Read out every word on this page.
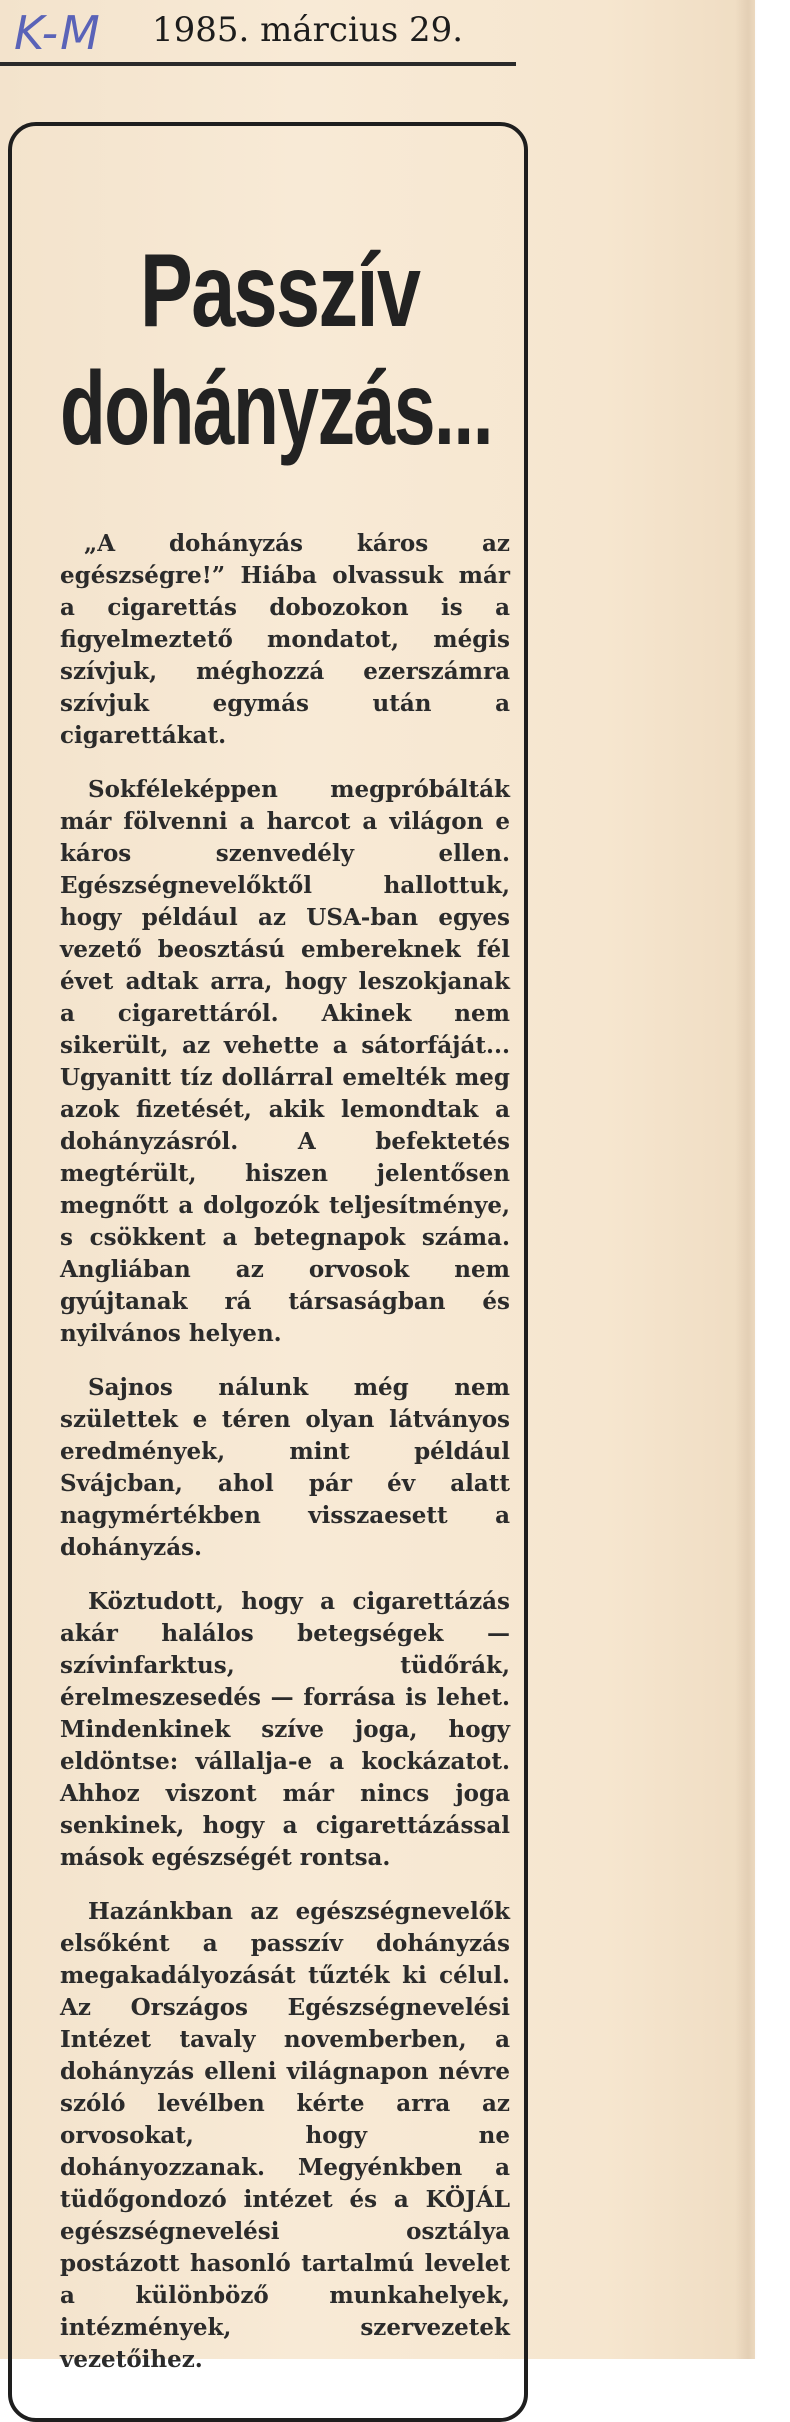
K-M 1985. március 29.
Passzív
dohányzás...

„A dohányzás káros az egészségre!” Hiába olvassuk már a cigarettás dobozokon is a figyelmeztető mondatot, mégis szívjuk, méghozzá ezerszámra szívjuk egymás után a cigarettákat.

Sokféleképpen megpróbálták már fölvenni a harcot a világon e káros szenvedély ellen. Egészségnevelőktől hallottuk, hogy például az USA-ban egyes vezető beosztású embereknek fél évet adtak arra, hogy leszokjanak a cigarettáról. Akinek nem sikerült, az vehette a sátorfáját... Ugyanitt tíz dollárral emelték meg azok fizetését, akik lemondtak a dohányzásról. A befektetés megtérült, hiszen jelentősen megnőtt a dolgozók teljesítménye, s csökkent a betegnapok száma. Angliában az orvosok nem gyújtanak rá társaságban és nyilvános helyen.

Sajnos nálunk még nem születtek e téren olyan látványos eredmények, mint például Svájcban, ahol pár év alatt nagymértékben visszaesett a dohányzás.

Köztudott, hogy a cigarettázás akár halálos betegségek — szívinfarktus, tüdőrák, érelmeszesedés — forrása is lehet. Mindenkinek szíve joga, hogy eldöntse: vállalja-e a kockázatot. Ahhoz viszont már nincs joga senkinek, hogy a cigarettázással mások egészségét rontsa.

Hazánkban az egészségnevelők elsőként a passzív dohányzás megakadályozását tűzték ki célul. Az Országos Egészségnevelési Intézet tavaly novemberben, a dohányzás elleni világnapon névre szóló levélben kérte arra az orvosokat, hogy ne dohányozzanak. Megyénkben a tüdőgondozó intézet és a KÖJÁL egészségnevelési osztálya postázott hasonló tartalmú levelet a különböző munkahelyek, intézmények, szervezetek vezetőihez.
